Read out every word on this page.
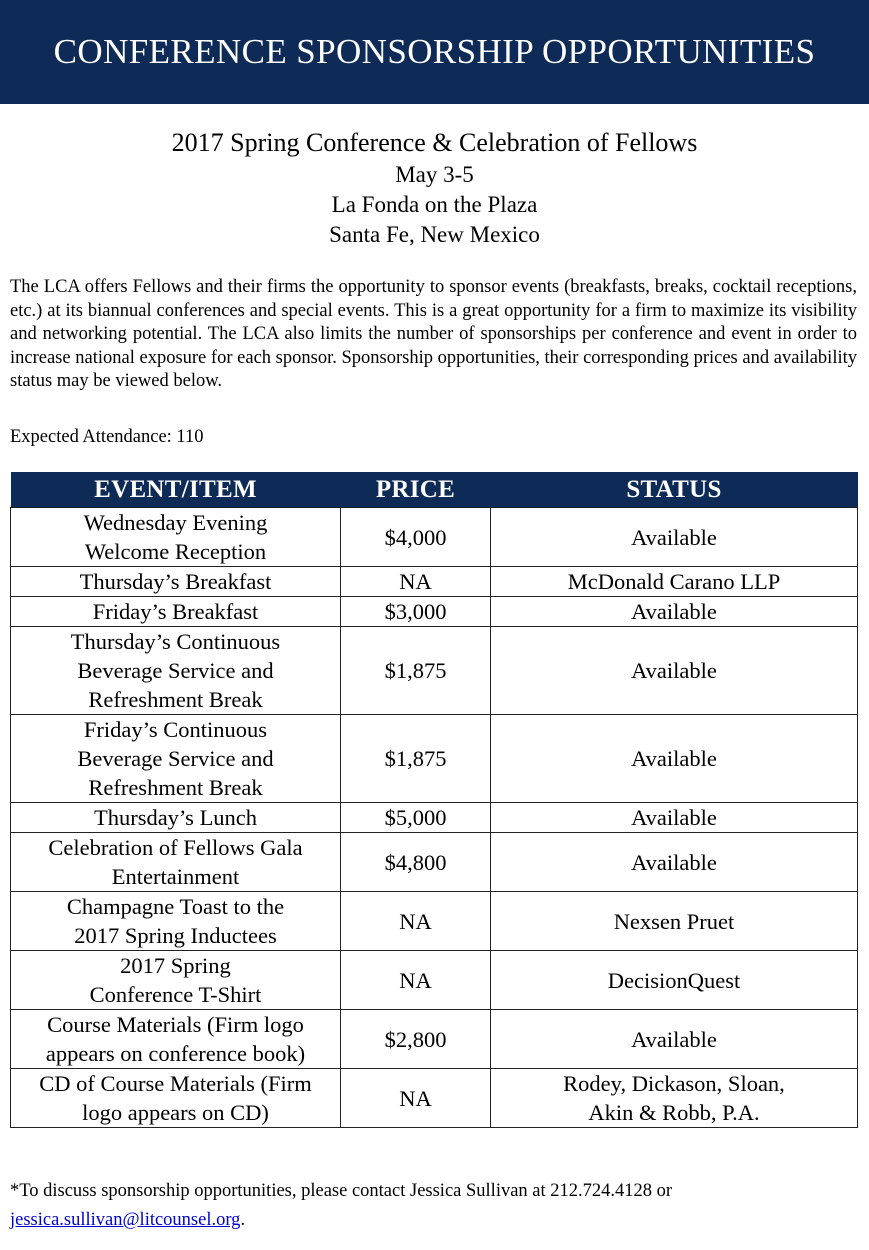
CONFERENCE SPONSORSHIP OPPORTUNITIES
2017 Spring Conference & Celebration of Fellows
May 3-5
La Fonda on the Plaza
Santa Fe, New Mexico

The LCA offers Fellows and their firms the opportunity to sponsor events (breakfasts, breaks, cocktail receptions, etc.) at its biannual conferences and special events. This is a great opportunity for a firm to maximize its visibility and networking potential. The LCA also limits the number of sponsorships per conference and event in order to increase national exposure for each sponsor. Sponsorship opportunities, their corresponding prices and availability status may be viewed below.

Expected Attendance: 110

EVENT/ITEM	PRICE	STATUS
Wednesday Evening
Welcome Reception	$4,000	Available
Thursday’s Breakfast	NA	McDonald Carano LLP
Friday’s Breakfast	$3,000	Available
Thursday’s Continuous
Beverage Service and
Refreshment Break	$1,875	Available
Friday’s Continuous
Beverage Service and
Refreshment Break	$1,875	Available
Thursday’s Lunch	$5,000	Available
Celebration of Fellows Gala
Entertainment	$4,800	Available
Champagne Toast to the
2017 Spring Inductees	NA	Nexsen Pruet
2017 Spring
Conference T-Shirt	NA	DecisionQuest
Course Materials (Firm logo
appears on conference book)	$2,800	Available
CD of Course Materials (Firm
logo appears on CD)	NA	Rodey, Dickason, Sloan,
Akin & Robb, P.A.

*To discuss sponsorship opportunities, please contact Jessica Sullivan at 212.724.4128 or
jessica.sullivan@litcounsel.org.
